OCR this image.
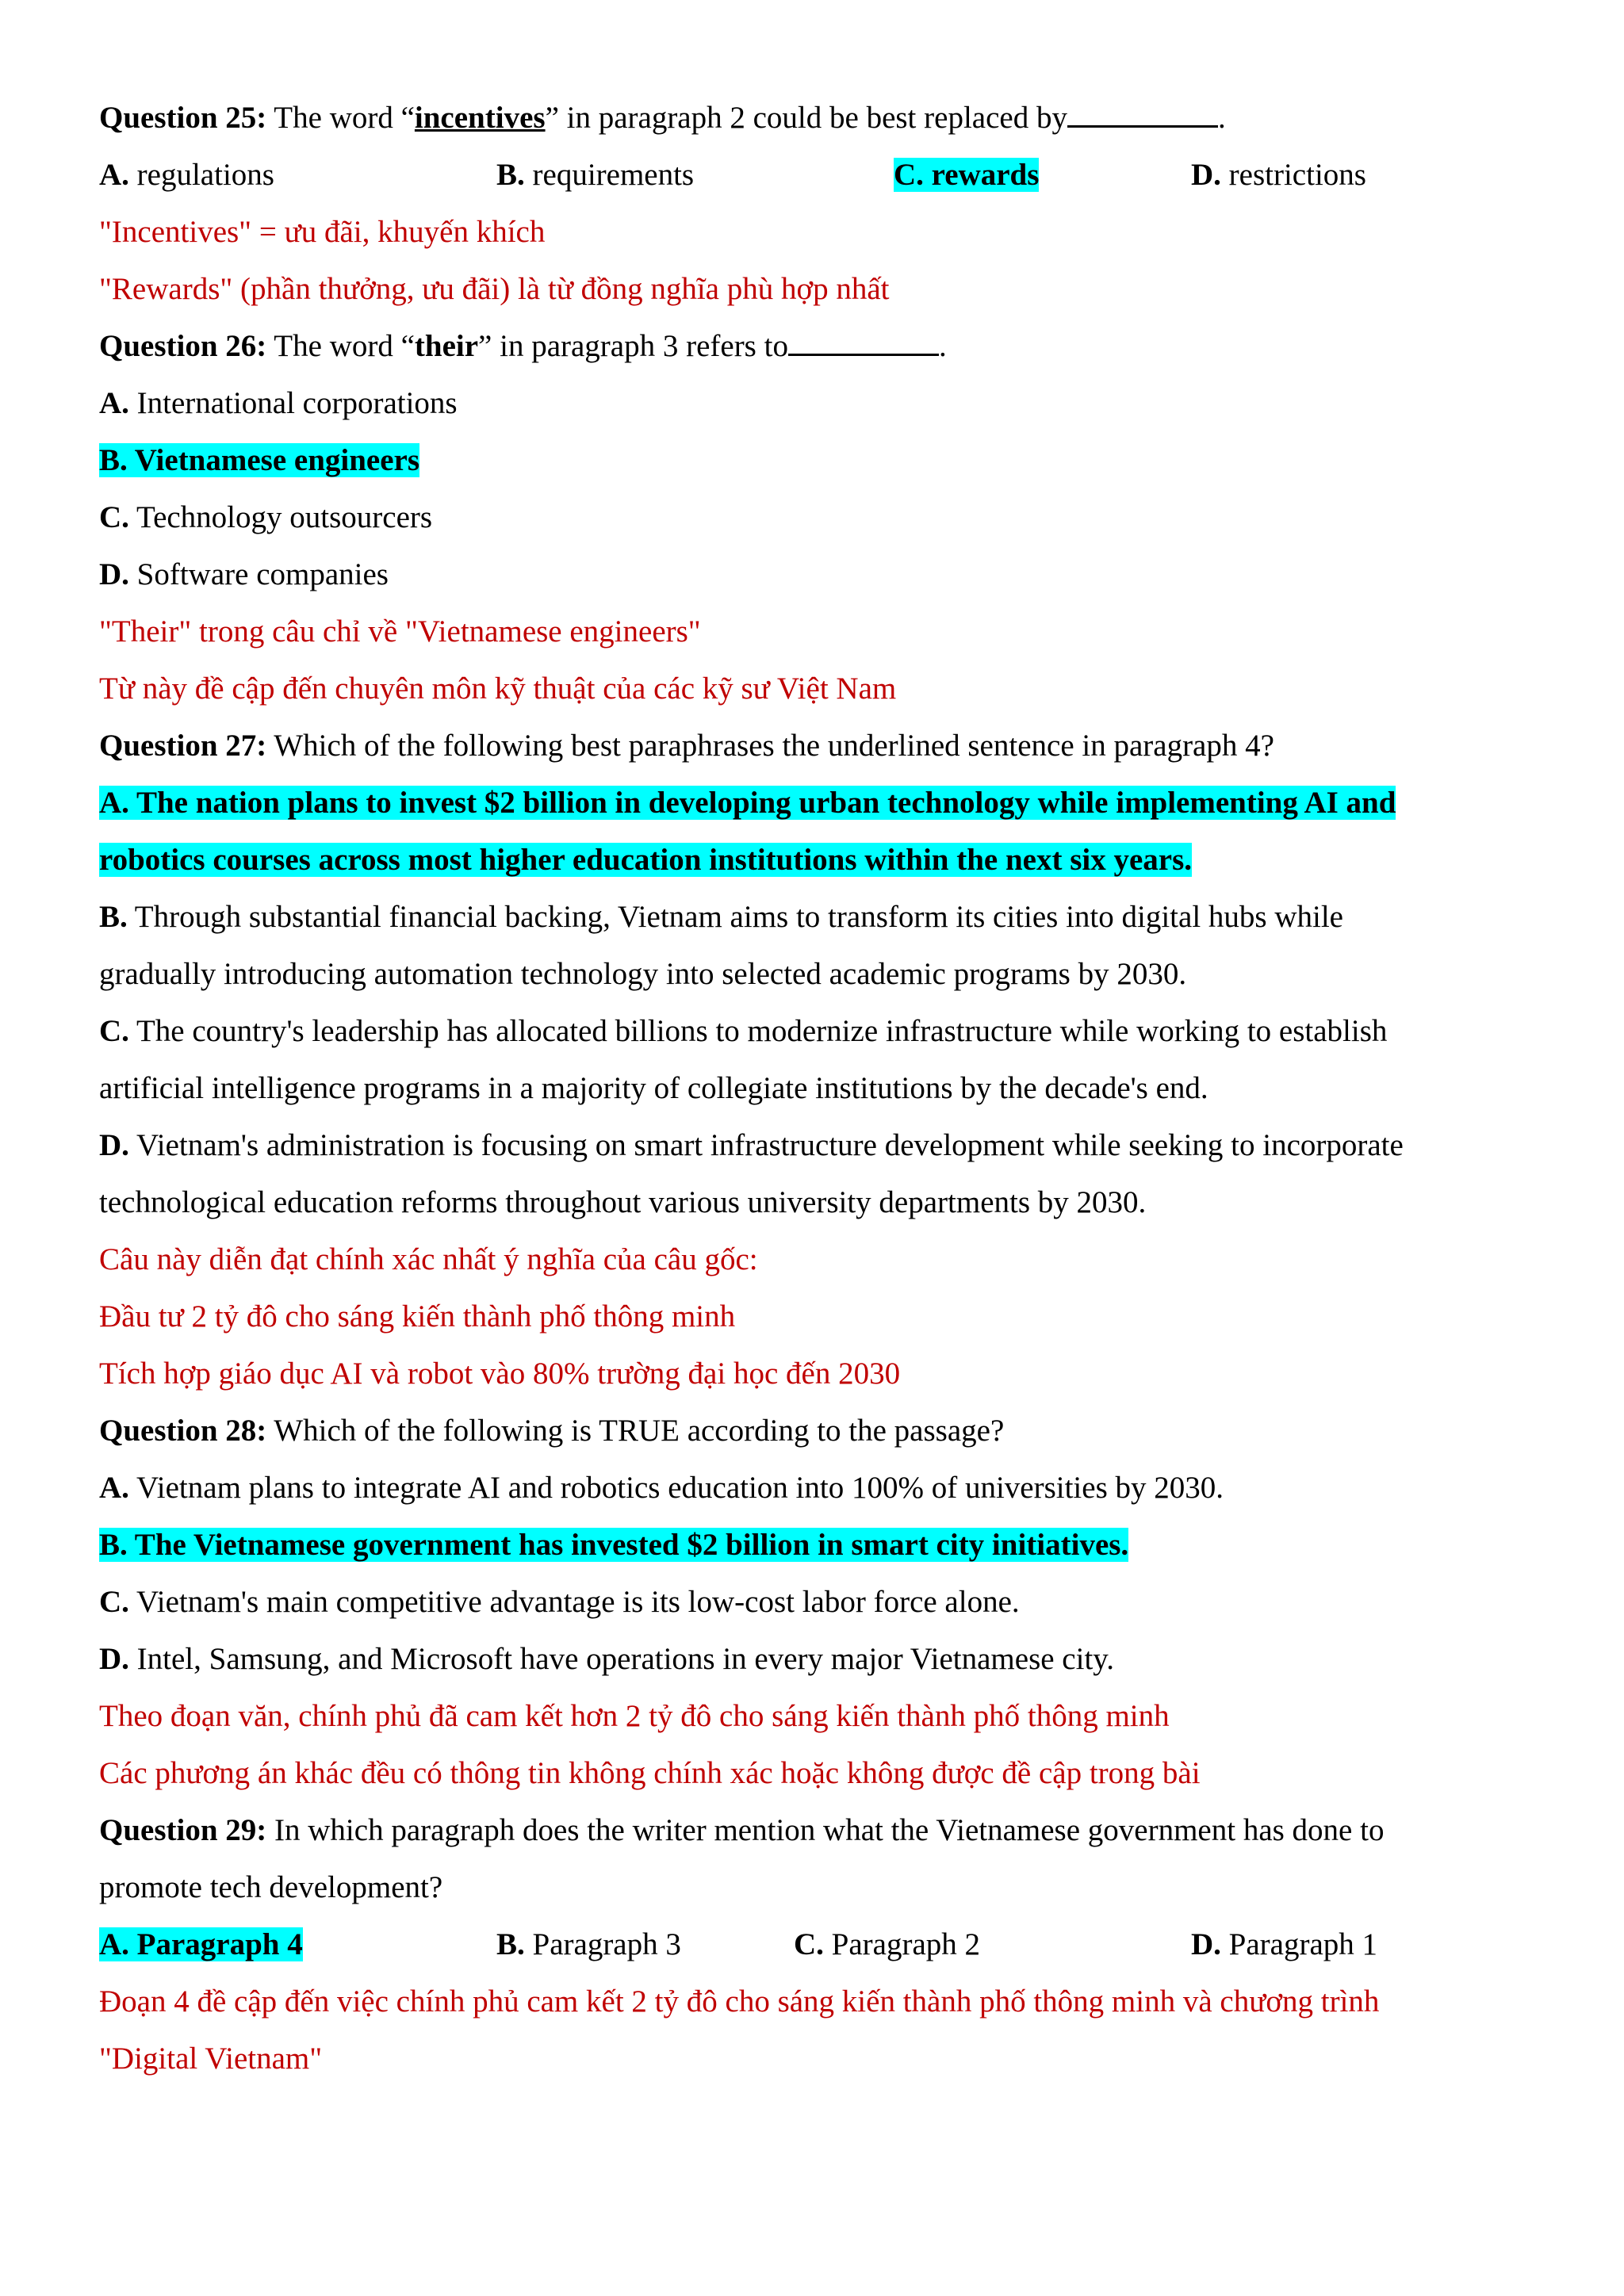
Question 25: The word “incentives” in paragraph 2 could be best replaced by	.
A. regulations	B. requirements	C. rewards	D. restrictions
"Incentives" = ưu đãi, khuyến khích
"Rewards" (phần thưởng, ưu đãi) là từ đồng nghĩa phù hợp nhất
Question 26: The word “their” in paragraph 3 refers to	.
A. International corporations
B. Vietnamese engineers
C. Technology outsourcers
D. Software companies
"Their" trong câu chỉ về "Vietnamese engineers"
Từ này đề cập đến chuyên môn kỹ thuật của các kỹ sư Việt Nam
Question 27: Which of the following best paraphrases the underlined sentence in paragraph 4?
A. The nation plans to invest $2 billion in developing urban technology while implementing AI and
robotics courses across most higher education institutions within the next six years.
B. Through substantial financial backing, Vietnam aims to transform its cities into digital hubs while
gradually introducing automation technology into selected academic programs by 2030.
C. The country's leadership has allocated billions to modernize infrastructure while working to establish
artificial intelligence programs in a majority of collegiate institutions by the decade's end.
D. Vietnam's administration is focusing on smart infrastructure development while seeking to incorporate
technological education reforms throughout various university departments by 2030.
Câu này diễn đạt chính xác nhất ý nghĩa của câu gốc:
Đầu tư 2 tỷ đô cho sáng kiến thành phố thông minh
Tích hợp giáo dục AI và robot vào 80% trường đại học đến 2030
Question 28: Which of the following is TRUE according to the passage?
A. Vietnam plans to integrate AI and robotics education into 100% of universities by 2030.
B. The Vietnamese government has invested $2 billion in smart city initiatives.
C. Vietnam's main competitive advantage is its low-cost labor force alone.
D. Intel, Samsung, and Microsoft have operations in every major Vietnamese city.
Theo đoạn văn, chính phủ đã cam kết hơn 2 tỷ đô cho sáng kiến thành phố thông minh
Các phương án khác đều có thông tin không chính xác hoặc không được đề cập trong bài
Question 29: In which paragraph does the writer mention what the Vietnamese government has done to
promote tech development?
A. Paragraph 4	B. Paragraph 3	C. Paragraph 2	D. Paragraph 1
Đoạn 4 đề cập đến việc chính phủ cam kết 2 tỷ đô cho sáng kiến thành phố thông minh và chương trình
"Digital Vietnam"
